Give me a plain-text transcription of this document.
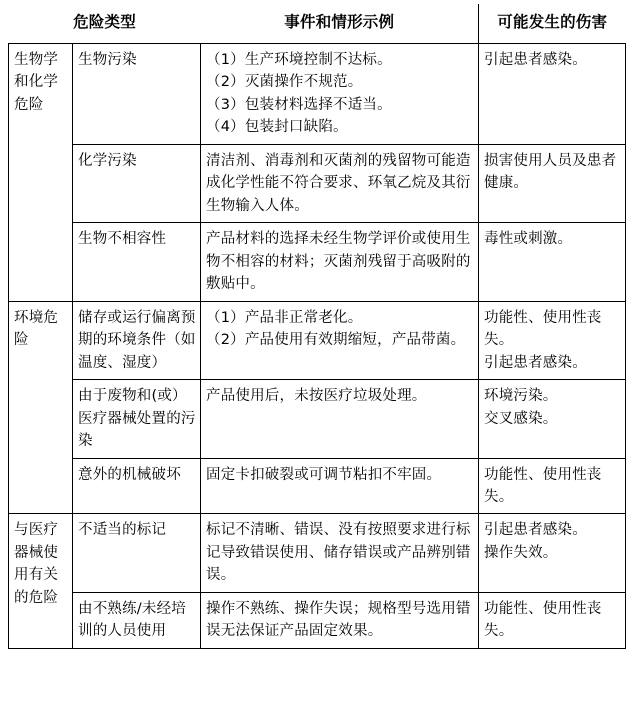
危险类型		事件和情形示例	可能发生的伤害

生物学和化学危险	生物污染	（1）生产环境控制不达标。
（2）灭菌操作不规范。
（3）包装材料选择不适当。
（4）包装封口缺陷。	引起患者感染。

	化学污染	清洁剂、消毒剂和灭菌剂的残留物可能造成化学性能不符合要求、环氧乙烷及其衍生物输入人体。	损害使用人员及患者健康。

	生物不相容性	产品材料的选择未经生物学评价或使用生物不相容的材料；灭菌剂残留于高吸附的敷贴中。	毒性或刺激。

环境危险	储存或运行偏离预期的环境条件（如温度、湿度）	（1）产品非正常老化。
（2）产品使用有效期缩短，产品带菌。	功能性、使用性丧失。
引起患者感染。

	由于废物和(或）医疗器械处置的污染	产品使用后，未按医疗垃圾处理。	环境污染。
交叉感染。

	意外的机械破坏	固定卡扣破裂或可调节粘扣不牢固。	功能性、使用性丧失。

与医疗器械使用有关的危险	不适当的标记	标记不清晰、错误、没有按照要求进行标记导致错误使用、储存错误或产品辨别错误。	引起患者感染。
操作失效。

	由不熟练/未经培训的人员使用	操作不熟练、操作失误；规格型号选用错误无法保证产品固定效果。	功能性、使用性丧失。
